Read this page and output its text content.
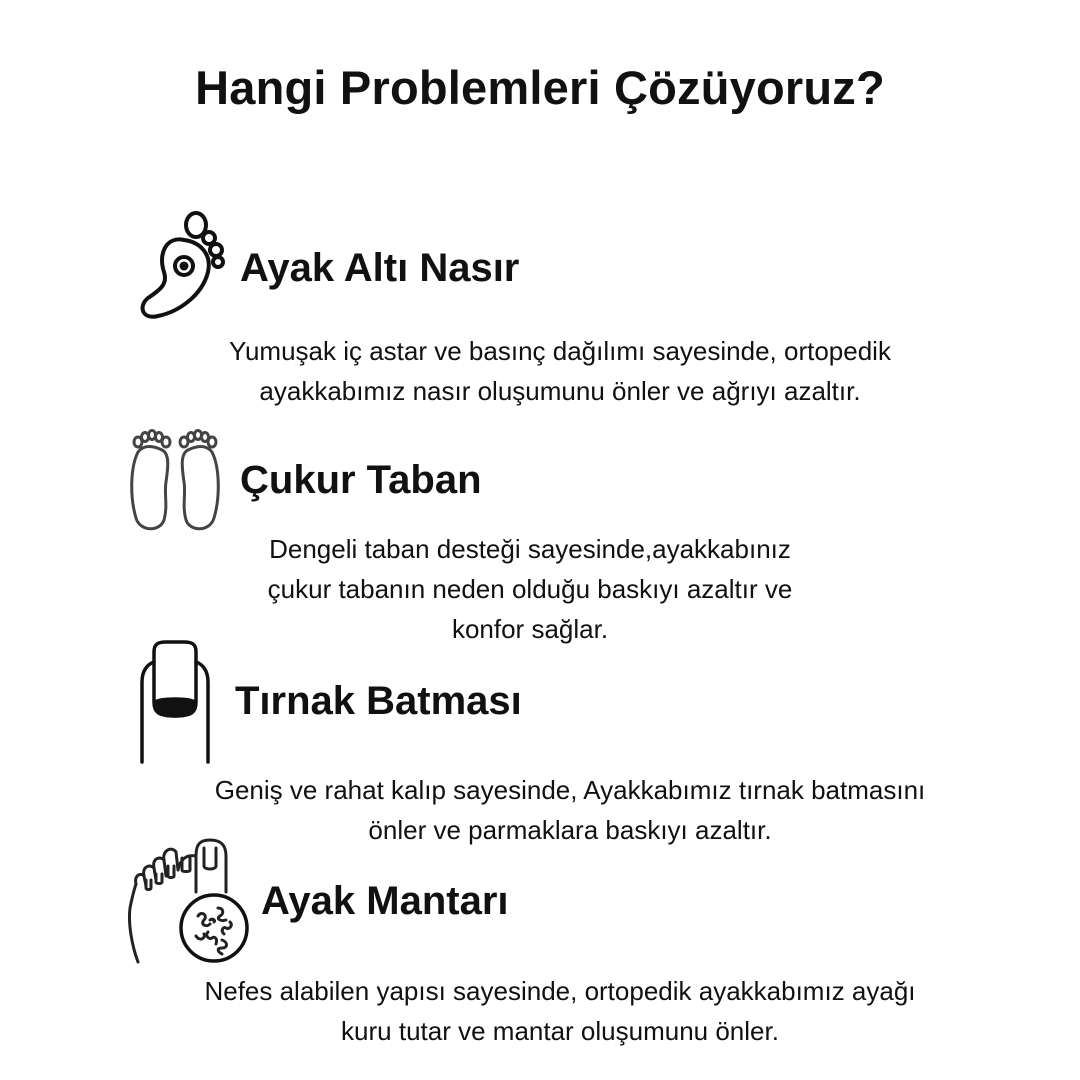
Hangi Problemleri Çözüyoruz?
Ayak Altı Nasır
Yumuşak iç astar ve basınç dağılımı sayesinde, ortopedik
ayakkabımız nasır oluşumunu önler ve ağrıyı azaltır.
Çukur Taban
Dengeli taban desteği sayesinde,ayakkabınız
çukur tabanın neden olduğu baskıyı azaltır ve
konfor sağlar.
Tırnak Batması
Geniş ve rahat kalıp sayesinde, Ayakkabımız tırnak batmasını
önler ve parmaklara baskıyı azaltır.
Ayak Mantarı
Nefes alabilen yapısı sayesinde, ortopedik ayakkabımız ayağı
kuru tutar ve mantar oluşumunu önler.
